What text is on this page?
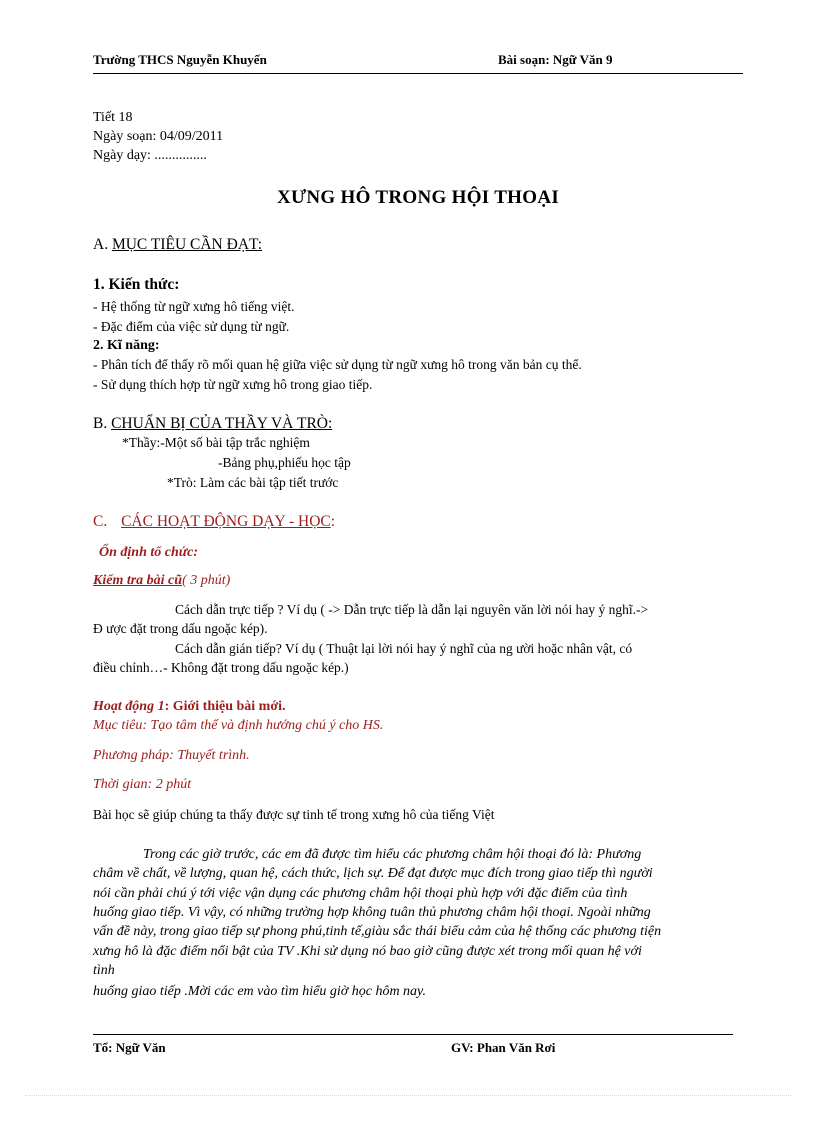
Trường THCS Nguyễn Khuyến	Bài soạn: Ngữ Văn 9
Tiết 18
Ngày soạn: 04/09/2011
Ngày dạy: ...............
XƯNG HÔ TRONG HỘI THOẠI
A. MỤC TIÊU CẦN ĐẠT:
1. Kiến thức:
- Hệ thống từ ngữ xưng hô tiếng việt.
- Đặc điểm của việc sử dụng từ ngữ.
2. Kĩ năng:
- Phân tích để thấy rõ mối quan hệ giữa việc sử dụng từ ngữ xưng hô trong văn bản cụ thể.
- Sử dụng thích hợp từ ngữ xưng hô trong giao tiếp.
B. CHUẨN BỊ CỦA THẦY VÀ TRÒ:
*Thầy:-Một số bài tập trắc nghiệm
-Bảng phụ,phiếu học tập
*Trò: Làm các bài tập tiết trước
C. CÁC HOẠT ĐỘNG DẠY - HỌC:
Ổn định tổ chức:
Kiểm tra bài cũ( 3 phút)
Cách dẫn trực tiếp ? Ví dụ ( -> Dẫn trực tiếp là dẫn lại nguyên văn lời nói hay ý nghĩ.->
Đ ược đặt trong dấu ngoặc kép).
Cách dẫn gián tiếp? Ví dụ ( Thuật lại lời nói hay ý nghĩ của ng ười hoặc nhân vật, có
điều chỉnh…- Không đặt trong dấu ngoặc kép.)
Hoạt động 1: Giới thiệu bài mới.
Mục tiêu: Tạo tâm thế và định hướng chú ý cho HS.
Phương pháp: Thuyết trình.
Thời gian: 2 phút
Bài học sẽ giúp chúng ta thấy được sự tinh tế trong xưng hô của tiếng Việt
Trong các giờ trước, các em đã được tìm hiểu các phương châm hội thoại đó là: Phương
châm về chất, về lượng, quan hệ, cách thức, lịch sự. Để đạt được mục đích trong giao tiếp thì người
nói cần phải chú ý tới việc vận dụng các phương châm hội thoại phù hợp với đặc điểm của tình
huống giao tiếp. Vì vậy, có những trường hợp không tuân thủ phương châm hội thoại. Ngoài những
vấn đề này, trong giao tiếp sự phong phú,tinh tế,giàu sắc thái biểu cảm của hệ thống các phương tiện
xưng hô là đặc điểm nổi bật của TV .Khi sử dụng nó bao giờ cũng được xét trong mối quan hệ với
tình
huống giao tiếp .Mời các em vào tìm hiểu giờ học hôm nay.
Tổ: Ngữ Văn	GV: Phan Văn Rơi
